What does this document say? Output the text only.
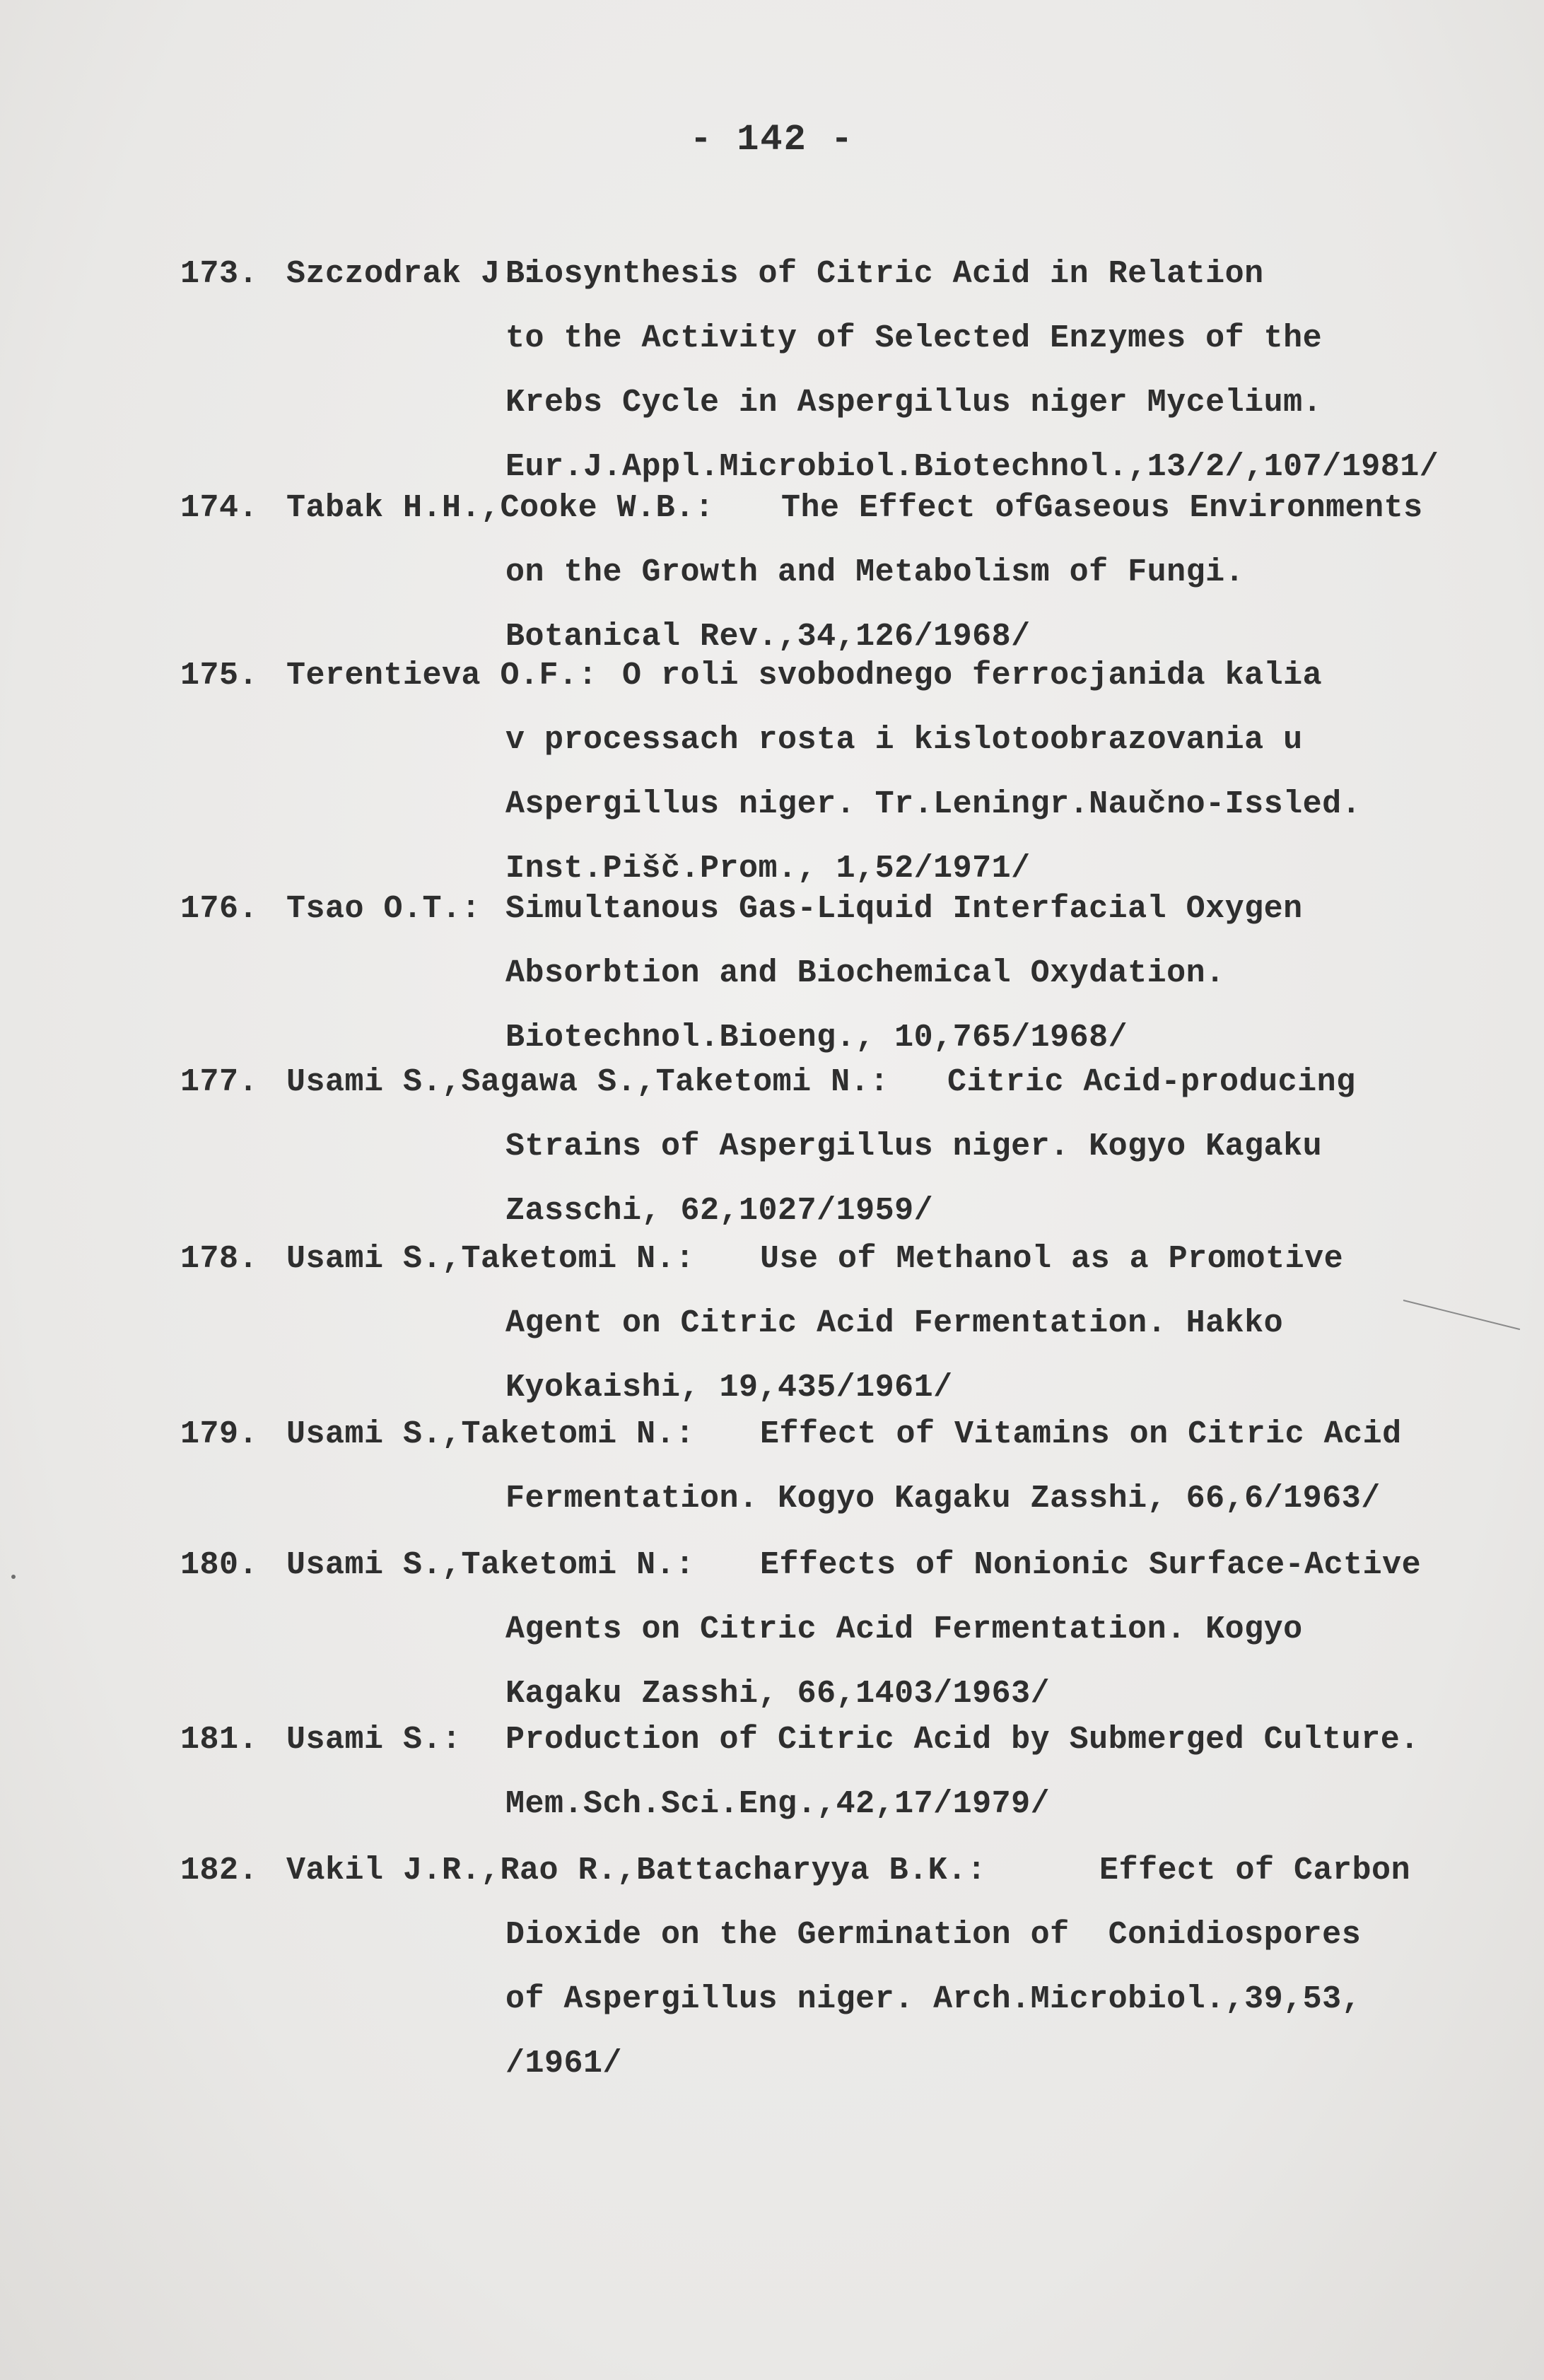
- 142 -
173. Szczodrak J.:
Biosynthesis of Citric Acid in Relation
to the Activity of Selected Enzymes of the
Krebs Cycle in Aspergillus niger Mycelium.
Eur.J.Appl.Microbiol.Biotechnol.,13/2/,107/1981/
174. Tabak H.H.,Cooke W.B.: The Effect ofGaseous Environments
on the Growth and Metabolism of Fungi.
Botanical Rev.,34,126/1968/
175. Terentieva O.F.: O roli svobodnego ferrocjanida kalia
v processach rosta i kislotoobrazovania u
Aspergillus niger. Tr.Leningr.Naučno-Issled.
Inst.Pišč.Prom., 1,52/1971/
176. Tsao O.T.: Simultanous Gas-Liquid Interfacial Oxygen
Absorbtion and Biochemical Oxydation.
Biotechnol.Bioeng., 10,765/1968/
177. Usami S.,Sagawa S.,Taketomi N.: Citric Acid-producing
Strains of Aspergillus niger. Kogyo Kagaku
Zasschi, 62,1027/1959/
178. Usami S.,Taketomi N.: Use of Methanol as a Promotive
Agent on Citric Acid Fermentation. Hakko
Kyokaishi, 19,435/1961/
179. Usami S.,Taketomi N.: Effect of Vitamins on Citric Acid
Fermentation. Kogyo Kagaku Zasshi, 66,6/1963/
180. Usami S.,Taketomi N.: Effects of Nonionic Surface-Active
Agents on Citric Acid Fermentation. Kogyo
Kagaku Zasshi, 66,1403/1963/
181. Usami S.: Production of Citric Acid by Submerged Culture.
Mem.Sch.Sci.Eng.,42,17/1979/
182. Vakil J.R.,Rao R.,Battacharyya B.K.:	Effect of Carbon
Dioxide on the Germination of  Conidiospores
of Aspergillus niger. Arch.Microbiol.,39,53,
/1961/
